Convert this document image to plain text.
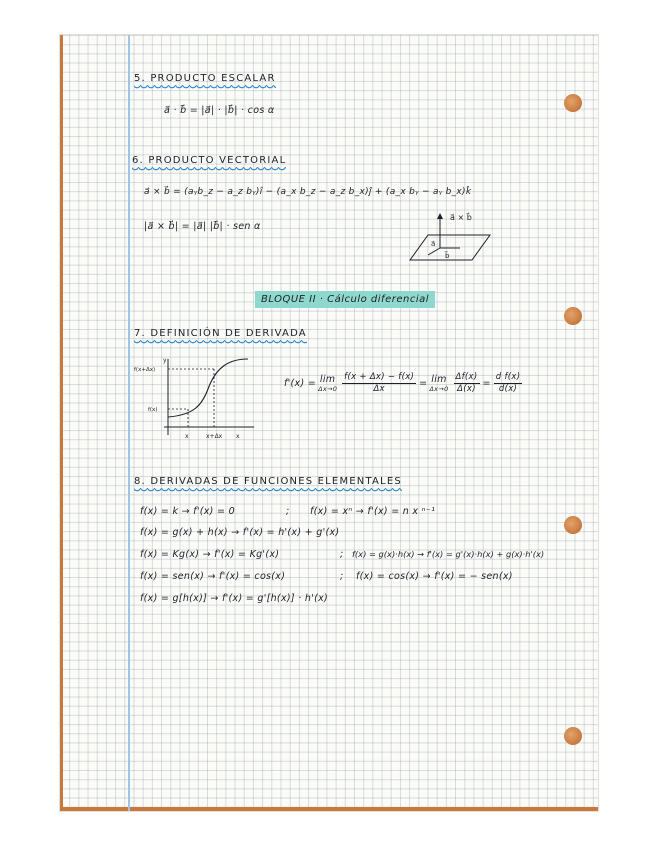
5. PRODUCTO ESCALAR
a⃗ · b⃗ = |a⃗| · |b⃗| · cos α
6. PRODUCTO VECTORIAL
a⃗ × b⃗ = (aᵧb_z − a_z bᵧ)î − (a_x b_z − a_z b_x)ĵ + (a_x bᵧ − aᵧ b_x)k̂
|a⃗ × b⃗| = |a⃗| |b⃗| · sen α
a⃗ × b⃗
a⃗
b⃗
BLOQUE II · Cálculo diferencial
7. DEFINICIÓN DE DERIVADA
y
f(x+Δx)
f(x)
x	x+Δx x
f'(x) = lim
$\Delta x\to 0 \frac{f(x + \Delta x) - f(x)}{\Delta x} = \lim$
$\Delta x\to 0 \frac{\Delta f(x)}{\Delta(x)} = \frac{\text{d f(x)}}{d(x)}$
8. DERIVADAS DE FUNCIONES ELEMENTALES
f(x) = k → f'(x) = 0	; f(x) = xⁿ → f'(x) = n x ⁿ⁻¹
f(x) = g(x) + h(x) → f'(x) = h'(x) + g'(x)
f(x) = Kg(x) → f'(x) = Kg'(x)	; f(x) = g(x)·h(x) → f'(x) = g'(x)·h(x) + g(x)·h'(x)
f(x) = sen(x) → f'(x) = cos(x)	; f(x) = cos(x) → f'(x) = − sen(x)
f(x) = g[h(x)] → f'(x) = g'[h(x)] · h'(x)
